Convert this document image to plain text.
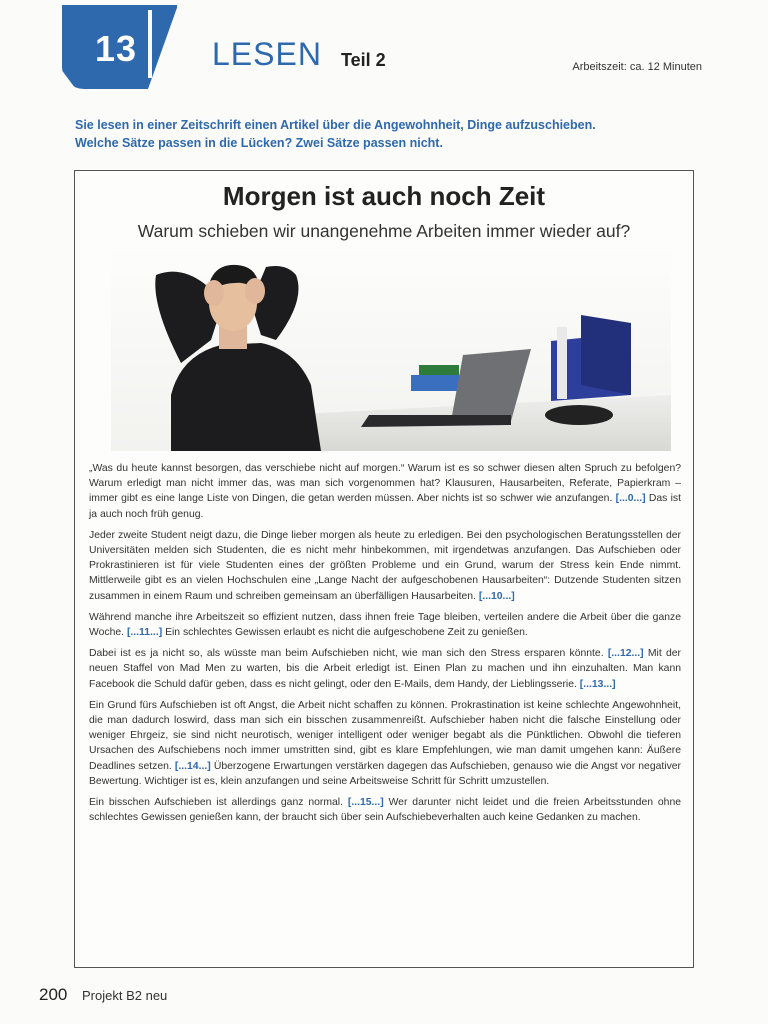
13 LESEN Teil 2	Arbeitszeit: ca. 12 Minuten
Sie lesen in einer Zeitschrift einen Artikel über die Angewohnheit, Dinge aufzuschieben.
Welche Sätze passen in die Lücken? Zwei Sätze passen nicht.
Morgen ist auch noch Zeit
Warum schieben wir unangenehme Arbeiten immer wieder auf?

„Was du heute kannst besorgen, das verschiebe nicht auf morgen.“ Warum ist es so schwer diesen alten Spruch zu befolgen? Warum erledigt man nicht immer das, was man sich vorgenommen hat? Klausuren, Hausarbeiten, Referate, Papierkram – immer gibt es eine lange Liste von Dingen, die getan werden müssen. Aber nichts ist so schwer wie anzufangen. [...0...] Das ist ja auch noch früh genug.

Jeder zweite Student neigt dazu, die Dinge lieber morgen als heute zu erledigen. Bei den psychologischen Beratungsstellen der Universitäten melden sich Studenten, die es nicht mehr hinbekommen, mit irgendetwas anzufangen. Das Aufschieben oder Prokrastinieren ist für viele Studenten eines der größten Probleme und ein Grund, warum der Stress kein Ende nimmt. Mittlerweile gibt es an vielen Hochschulen eine „Lange Nacht der aufgeschobenen Hausarbeiten“: Dutzende Studenten sitzen zusammen in einem Raum und schreiben gemeinsam an überfälligen Hausarbeiten. [...10...]

Während manche ihre Arbeitszeit so effizient nutzen, dass ihnen freie Tage bleiben, verteilen andere die Arbeit über die ganze Woche. [...11...] Ein schlechtes Gewissen erlaubt es nicht die aufgeschobene Zeit zu genießen.

Dabei ist es ja nicht so, als wüsste man beim Aufschieben nicht, wie man sich den Stress ersparen könnte. [...12...] Mit der neuen Staffel von Mad Men zu warten, bis die Arbeit erledigt ist. Einen Plan zu machen und ihn einzuhalten. Man kann Facebook die Schuld dafür geben, dass es nicht gelingt, oder den E-Mails, dem Handy, der Lieblingsserie. [...13...]

Ein Grund fürs Aufschieben ist oft Angst, die Arbeit nicht schaffen zu können. Prokrastination ist keine schlechte Angewohnheit, die man dadurch loswird, dass man sich ein bisschen zusammenreißt. Aufschieber haben nicht die falsche Einstellung oder weniger Ehrgeiz, sie sind nicht neurotisch, weniger intelligent oder weniger begabt als die Pünktlichen. Obwohl die tieferen Ursachen des Aufschiebens noch immer umstritten sind, gibt es klare Empfehlungen, wie man damit umgehen kann: Äußere Deadlines setzen. [...14...] Überzogene Erwartungen verstärken dagegen das Aufschieben, genauso wie die Angst vor negativer Bewertung. Wichtiger ist es, klein anzufangen und seine Arbeitsweise Schritt für Schritt umzustellen.

Ein bisschen Aufschieben ist allerdings ganz normal. [...15...] Wer darunter nicht leidet und die freien Arbeitsstunden ohne schlechtes Gewissen genießen kann, der braucht sich über sein Aufschiebeverhalten auch keine Gedanken zu machen.

200 Projekt B2 neu
